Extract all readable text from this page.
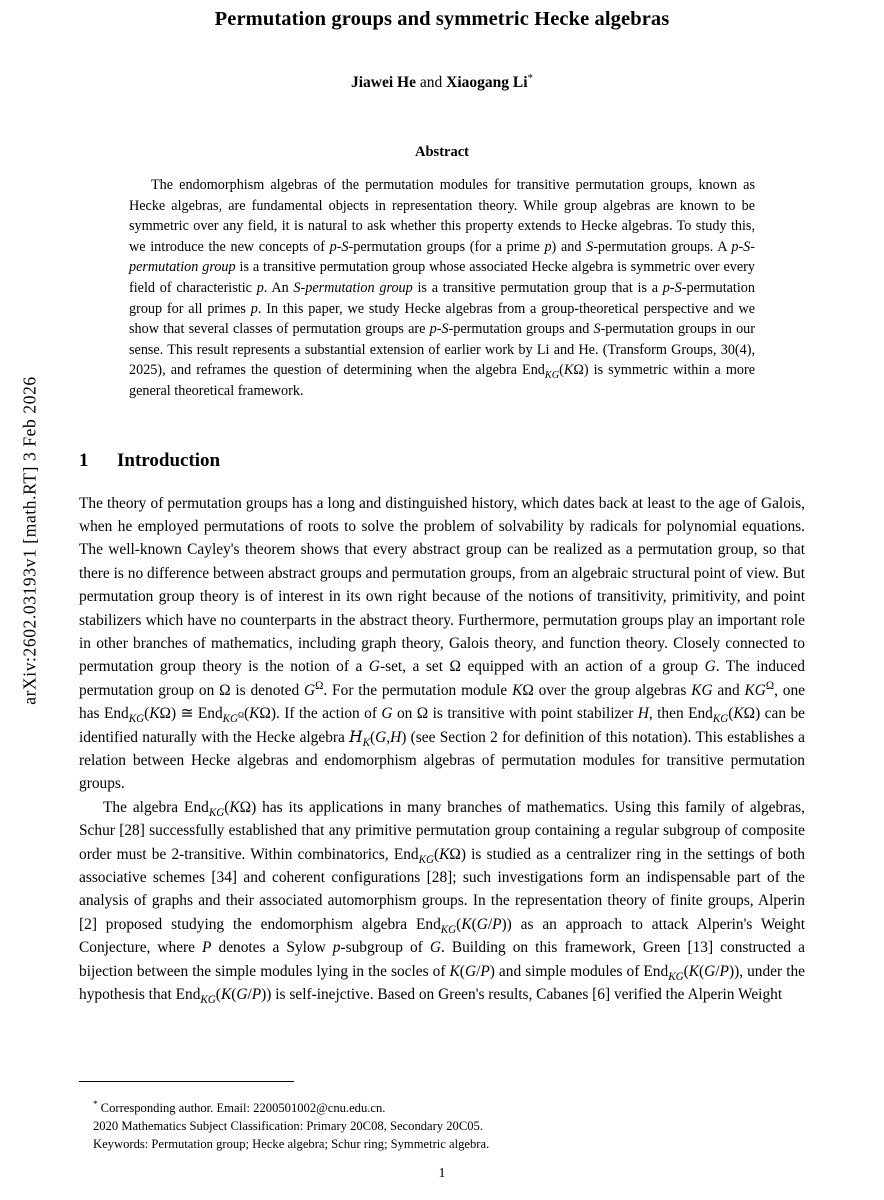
arXiv:2602.03193v1 [math.RT] 3 Feb 2026
Permutation groups and symmetric Hecke algebras
Jiawei He and Xiaogang Li*
Abstract

The endomorphism algebras of the permutation modules for transitive permutation groups, known as Hecke algebras, are fundamental objects in representation theory. While group algebras are known to be symmetric over any field, it is natural to ask whether this property extends to Hecke algebras. To study this, we introduce the new concepts of p-S-permutation groups (for a prime p) and S-permutation groups. A p-S-permutation group is a transitive permutation group whose associated Hecke algebra is symmetric over every field of characteristic p. An S-permutation group is a transitive permutation group that is a p-S-permutation group for all primes p. In this paper, we study Hecke algebras from a group-theoretical perspective and we show that several classes of permutation groups are p-S-permutation groups and S-permutation groups in our sense. This result represents a substantial extension of earlier work by Li and He. (Transform Groups, 30(4), 2025), and reframes the question of determining when the algebra End$_{KG}$(KΩ) is symmetric within a more general theoretical framework.

1 Introduction

The theory of permutation groups has a long and distinguished history, which dates back at least to the age of Galois, when he employed permutations of roots to solve the problem of solvability by radicals for polynomial equations. The well-known Cayley's theorem shows that every abstract group can be realized as a permutation group, so that there is no difference between abstract groups and permutation groups, from an algebraic structural point of view. But permutation group theory is of interest in its own right because of the notions of transitivity, primitivity, and point stabilizers which have no counterparts in the abstract theory. Furthermore, permutation groups play an important role in other branches of mathematics, including graph theory, Galois theory, and function theory. Closely connected to permutation group theory is the notion of a G-set, a set Ω equipped with an action of a group G. The induced permutation group on Ω is denoted $G^\Omega$. For the permutation module KΩ over the group algebras KG and $KG^\Omega$, one has End$_{KG}$(KΩ) ≅ End$_{KG^\Omega}$(KΩ). If the action of G on Ω is transitive with point stabilizer H, then End$_{KG}$(KΩ) can be identified naturally with the Hecke algebra $H_K(G,H)$ (see Section 2 for definition of this notation). This establishes a relation between Hecke algebras and endomorphism algebras of permutation modules for transitive permutation groups.

The algebra End$_{KG}$(KΩ) has its applications in many branches of mathematics. Using this family of algebras, Schur [28] successfully established that any primitive permutation group containing a regular subgroup of composite order must be 2-transitive. Within combinatorics, End$_{KG}$(KΩ) is studied as a centralizer ring in the settings of both associative schemes [34] and coherent configurations [28]; such investigations form an indispensable part of the analysis of graphs and their associated automorphism groups. In the representation theory of finite groups, Alperin [2] proposed studying the endomorphism algebra End$_{KG}$(K(G/P)) as an approach to attack Alperin's Weight Conjecture, where P denotes a Sylow p-subgroup of G. Building on this framework, Green [13] constructed a bijection between the simple modules lying in the socles of K(G/P) and simple modules of End$_{KG}$(K(G/P)), under the hypothesis that End$_{KG}$(K(G/P)) is self-inejctive. Based on Green's results, Cabanes [6] verified the Alperin Weight

* Corresponding author. Email: 2200501002@cnu.edu.cn.
2020 Mathematics Subject Classification: Primary 20C08, Secondary 20C05.
Keywords: Permutation group; Hecke algebra; Schur ring; Symmetric algebra.
1
